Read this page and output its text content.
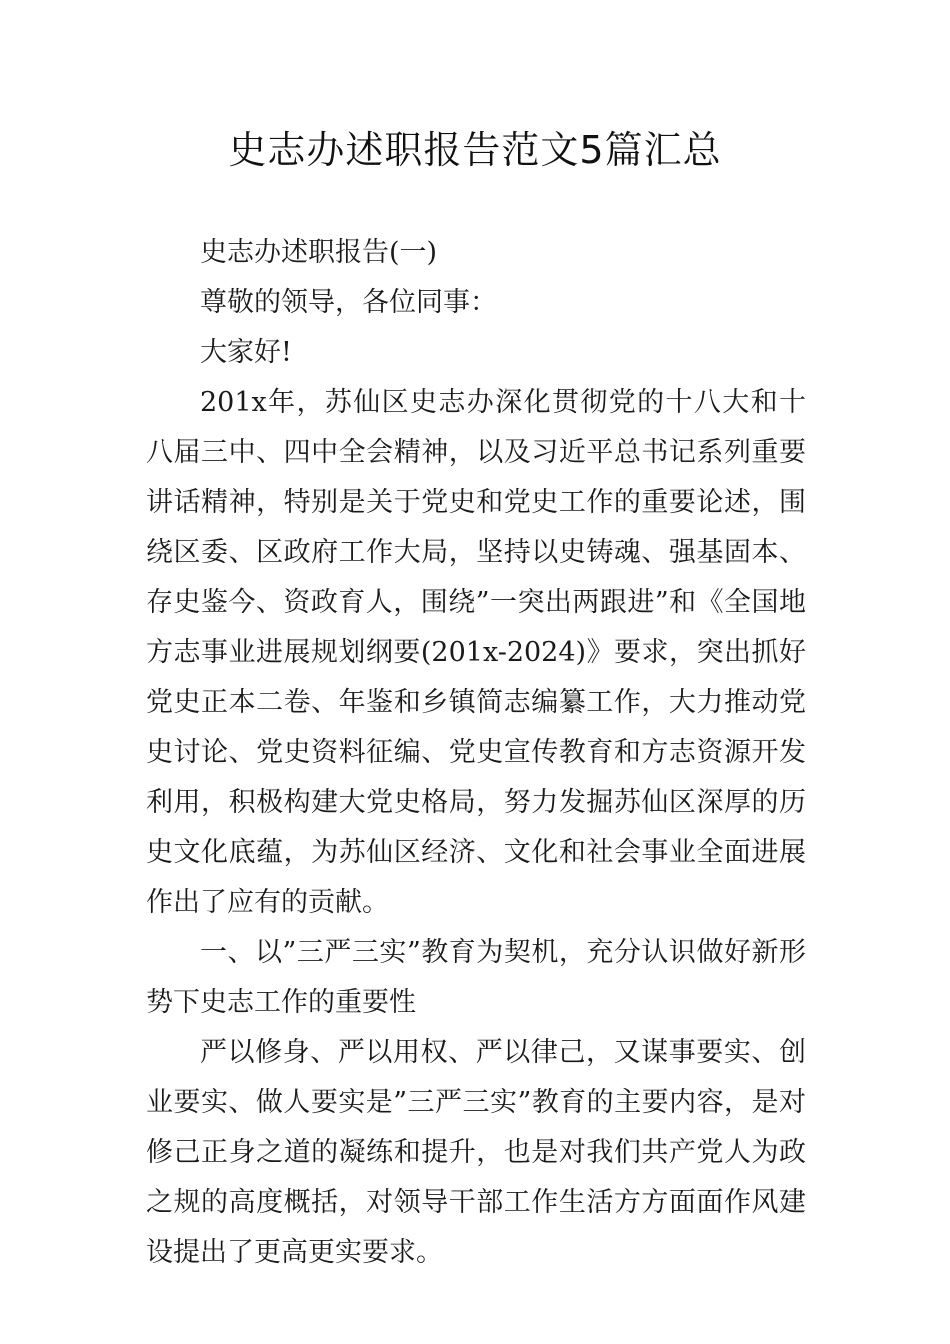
史志办述职报告范文5篇汇总

史志办述职报告(一)

尊敬的领导，各位同事：

大家好!

201x年，苏仙区史志办深化贯彻党的十八大和十八届三中、四中全会精神，以及习近平总书记系列重要讲话精神，特别是关于党史和党史工作的重要论述，围绕区委、区政府工作大局，坚持以史铸魂、强基固本、存史鉴今、资政育人，围绕”一突出两跟进”和《全国地方志事业进展规划纲要(201x-2024)》要求，突出抓好党史正本二卷、年鉴和乡镇简志编纂工作，大力推动党史讨论、党史资料征编、党史宣传教育和方志资源开发利用，积极构建大党史格局，努力发掘苏仙区深厚的历史文化底蕴，为苏仙区经济、文化和社会事业全面进展作出了应有的贡献。

一、以”三严三实”教育为契机，充分认识做好新形势下史志工作的重要性

严以修身、严以用权、严以律己，又谋事要实、创业要实、做人要实是”三严三实”教育的主要内容，是对修己正身之道的凝练和提升，也是对我们共产党人为政之规的高度概括，对领导干部工作生活方方面面作风建设提出了更高更实要求。
